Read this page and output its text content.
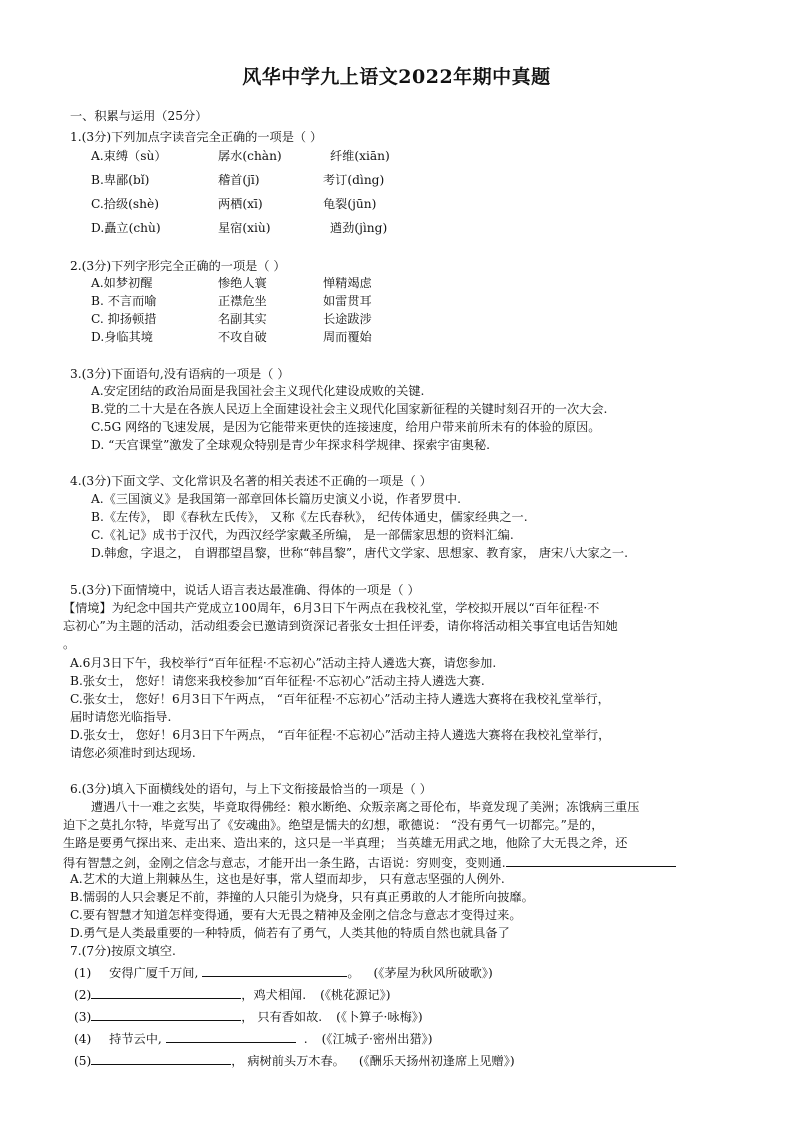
风华中学九上语文2022年期中真题
一、积累与运用（25分）
1.(3分)下列加点字读音完全正确的一项是（ ）
A.束缚（sù）	孱水(chàn)	纤维(xiān)
B.卑鄙(bǐ)	稽首(jī)	考订(dìng)
C.拾级(shè)	两栖(xī)	龟裂(jūn)
D.矗立(chù)	星宿(xiù)	遒劲(jìng)
2.(3分)下列字形完全正确的一项是（ ）
A.如梦初醒	惨绝人寰	惮精竭虑
B. 不言而喻	正襟危坐	如雷贯耳
C. 抑扬顿措	名副其实	长途跋涉
D.身临其境	不攻自破	周而覆始
3.(3分)下面语句,没有语病的一项是（ ）
A.安定团结的政治局面是我国社会主义现代化建设成败的关键.
B.党的二十大是在各族人民迈上全面建设社会主义现代化国家新征程的关键时刻召开的一次大会.
C.5G 网络的飞速发展，是因为它能带来更快的连接速度，给用户带来前所未有的体验的原因。
D. “天宫课堂”激发了全球观众特别是青少年探求科学规律、探索宇宙奥秘.
4.(3分)下面文学、文化常识及名著的相关表述不正确的一项是（ ）
A.《三国演义》是我国第一部章回体长篇历史演义小说，作者罗贯中.
B.《左传》， 即《春秋左氏传》， 又称《左氏春秋》， 纪传体通史，儒家经典之一.
C.《礼记》成书于汉代，为西汉经学家戴圣所编， 是一部儒家思想的资料汇编.
D.韩愈，字退之， 自谓郡望昌黎，世称“韩昌黎”，唐代文学家、思想家、教育家， 唐宋八大家之一.
5.(3分)下面情境中，说话人语言表达最准确、得体的一项是（ ）
【情境】为纪念中国共产党成立100周年，6月3日下午两点在我校礼堂，学校拟开展以“百年征程·不
忘初心”为主题的活动，活动组委会已邀请到资深记者张女士担任评委，请你将活动相关事宜电话告知她
。
A.6月3日下午，我校举行“百年征程·不忘初心”活动主持人遴选大赛，请您参加.
B.张女士， 您好！请您来我校参加“百年征程·不忘初心”活动主持人遴选大赛.
C.张女士， 您好！6月3日下午两点， “百年征程·不忘初心”活动主持人遴选大赛将在我校礼堂举行，
届时请您光临指导.
D.张女士， 您好！6月3日下午两点， “百年征程·不忘初心”活动主持人遴选大赛将在我校礼堂举行，
请您必须准时到达现场.
6.(3分)填入下面横线处的语句，与上下文衔接最恰当的一项是（ ）
遭遇八十一难之玄奘，毕竟取得佛经：粮水断绝、众叛亲离之哥伦布，毕竟发现了美洲；冻饿病三重压
迫下之莫扎尔特，毕竟写出了《安魂曲》。绝望是懦夫的幻想，歌德说： “没有勇气一切都完。”是的，
生路是要勇气探出来、走出来、造出来的，这只是一半真理； 当英雄无用武之地，他除了大无畏之斧，还
得有智慧之剑，金刚之信念与意志，才能开出一条生路，古语说：穷则变，变则通.
A.艺术的大道上荆棘丛生，这也是好事，常人望而却步， 只有意志坚强的人例外.
B.懦弱的人只会裹足不前，莽撞的人只能引为烧身，只有真正勇敢的人才能所向披靡。
C.要有智慧才知道怎样变得通，要有大无畏之精神及金刚之信念与意志才变得过来。
D.勇气是人类最重要的一种特质，倘若有了勇气，人类其他的特质自然也就具备了
7.(7分)按原文填空.
(1) 安得广厦千万间,	。 (《茅屋为秋风所破歌》)
(2)	，鸡犬相闻. (《桃花源记》)
(3)	， 只有香如故. (《卜算子·咏梅》)
(4) 持节云中,	. (《江城子·密州出猎》)
(5)	， 病树前头万木春。 (《酬乐天扬州初逢席上见赠》)
